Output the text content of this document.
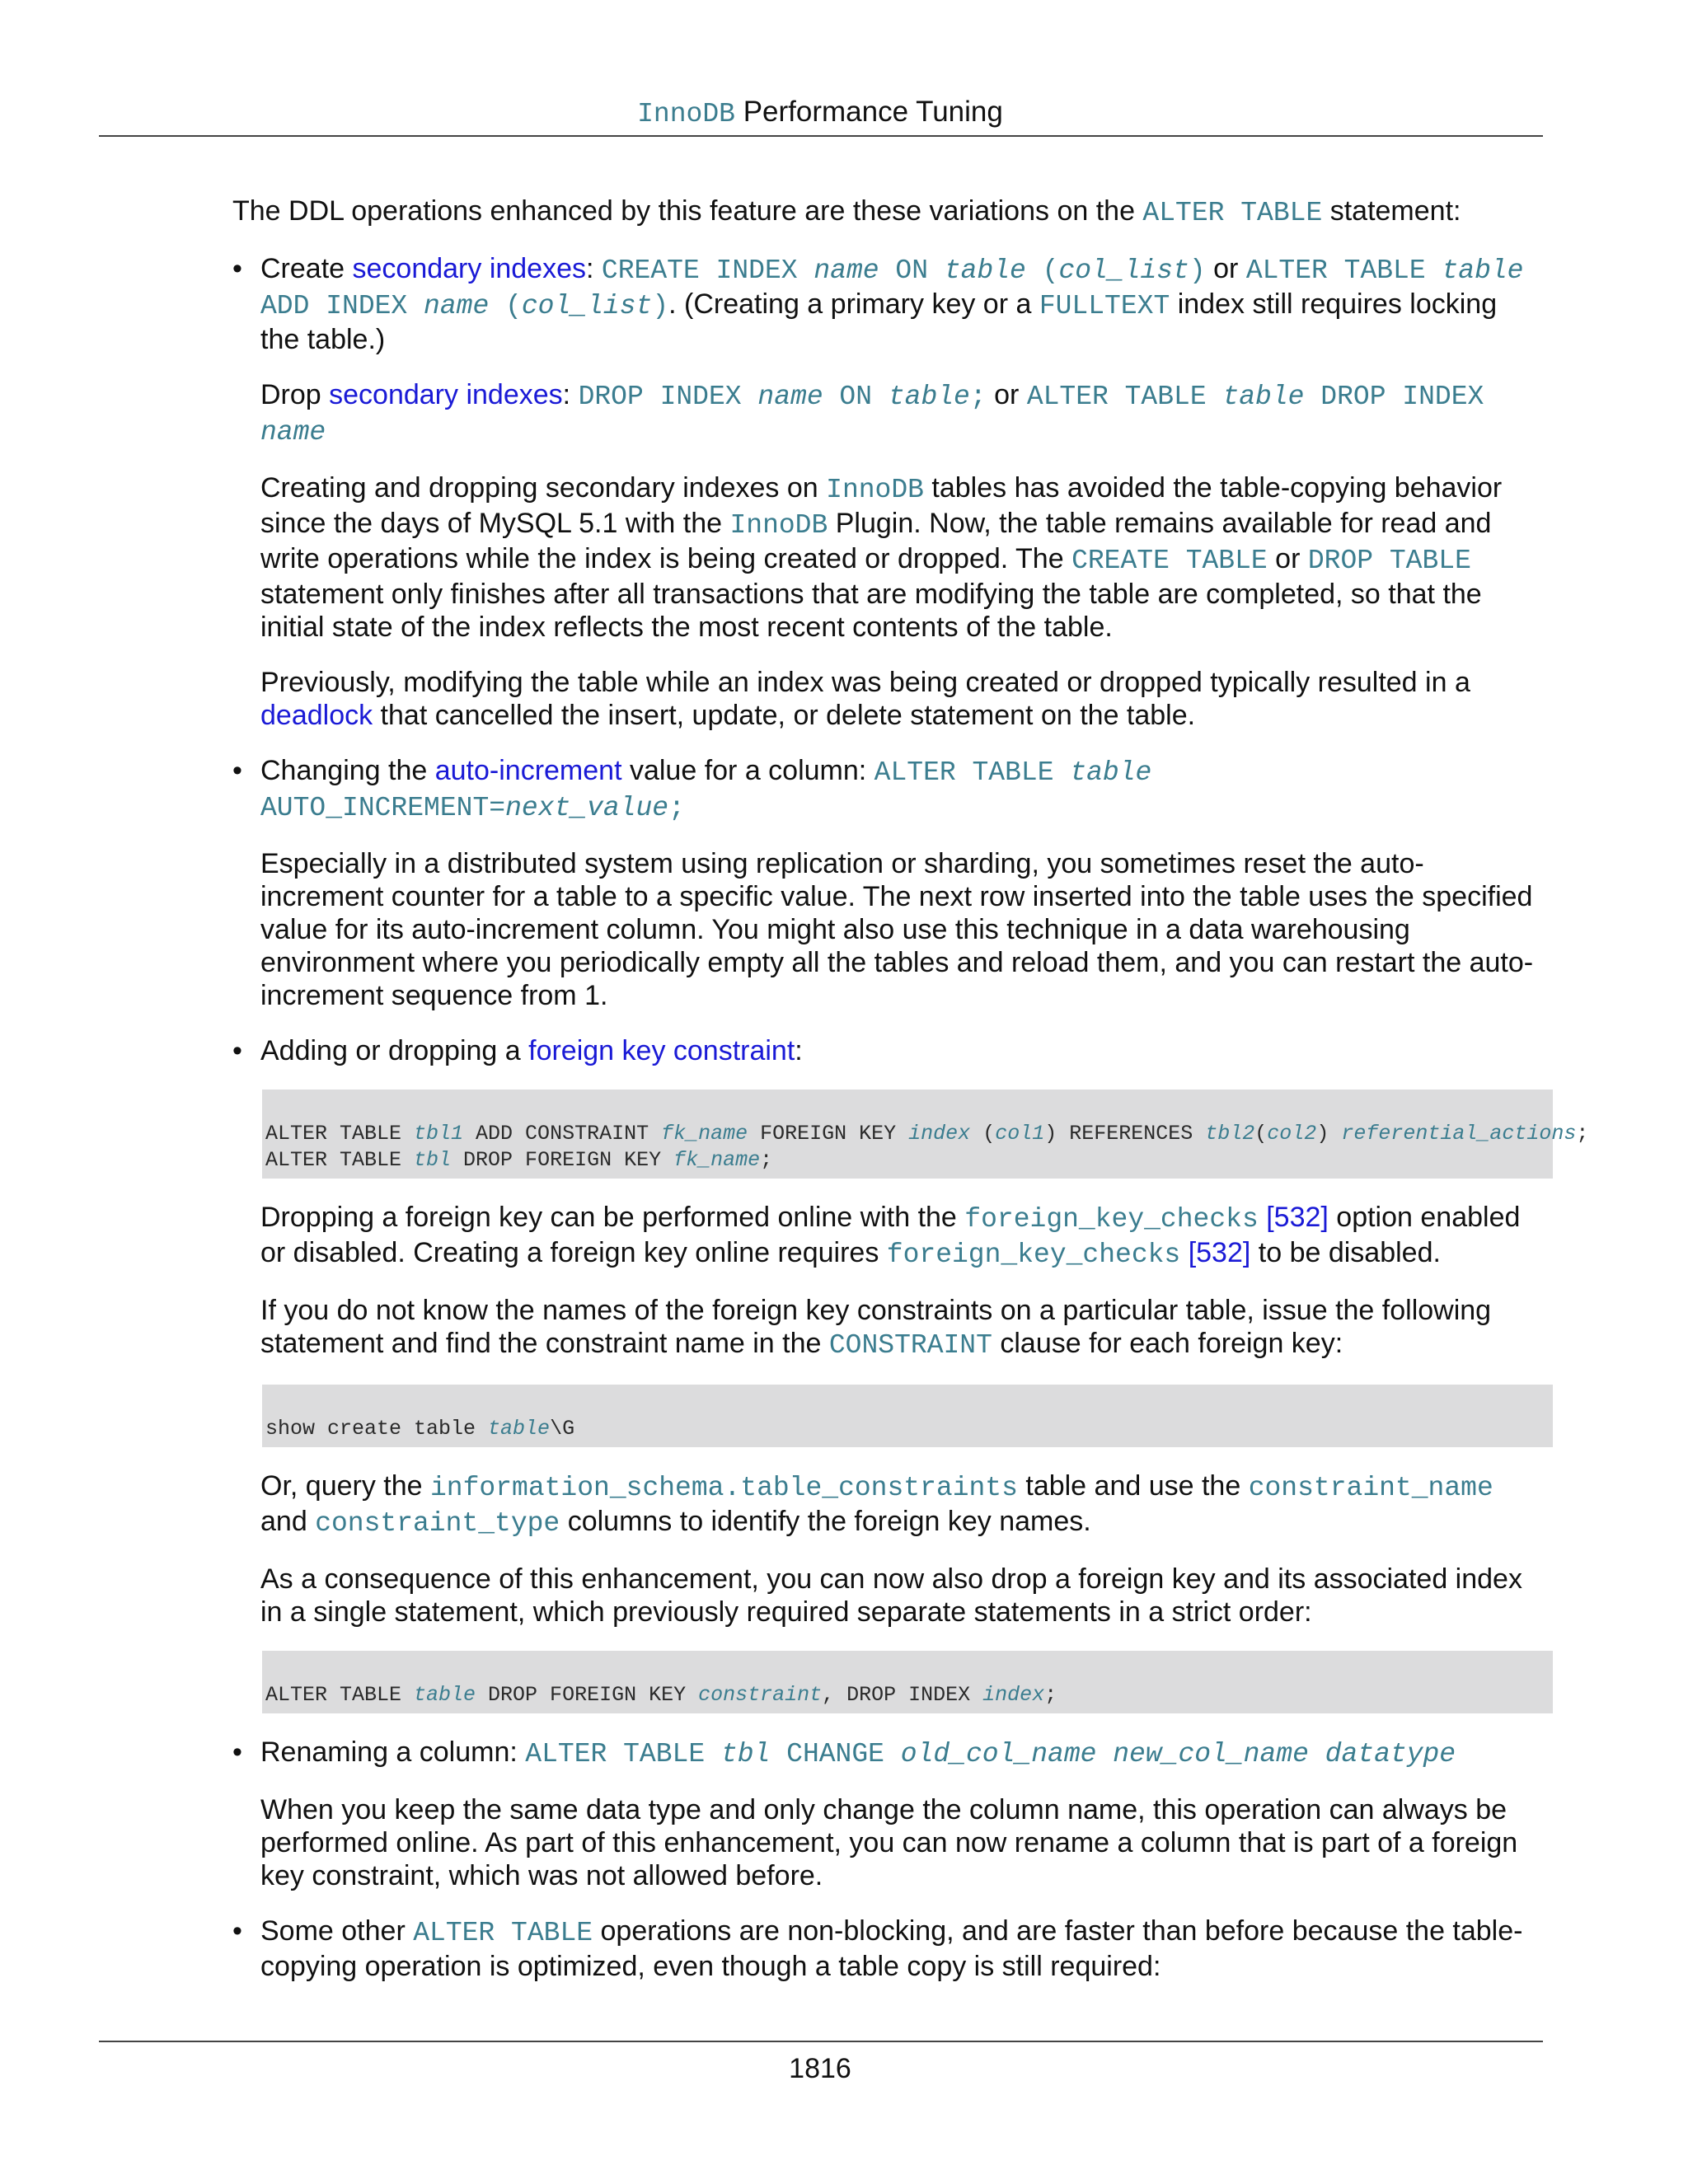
InnoDB Performance Tuning

The DDL operations enhanced by this feature are these variations on the ALTER TABLE statement:

• Create secondary indexes: CREATE INDEX name ON table (col_list) or ALTER TABLE table ADD INDEX name (col_list). (Creating a primary key or a FULLTEXT index still requires locking the table.)

Drop secondary indexes: DROP INDEX name ON table; or ALTER TABLE table DROP INDEX name

Creating and dropping secondary indexes on InnoDB tables has avoided the table-copying behavior since the days of MySQL 5.1 with the InnoDB Plugin. Now, the table remains available for read and write operations while the index is being created or dropped. The CREATE TABLE or DROP TABLE statement only finishes after all transactions that are modifying the table are completed, so that the initial state of the index reflects the most recent contents of the table.

Previously, modifying the table while an index was being created or dropped typically resulted in a deadlock that cancelled the insert, update, or delete statement on the table.

• Changing the auto-increment value for a column: ALTER TABLE table AUTO_INCREMENT=next_value;

Especially in a distributed system using replication or sharding, you sometimes reset the auto-increment counter for a table to a specific value. The next row inserted into the table uses the specified value for its auto-increment column. You might also use this technique in a data warehousing environment where you periodically empty all the tables and reload them, and you can restart the auto-increment sequence from 1.

• Adding or dropping a foreign key constraint:

ALTER TABLE tbl1 ADD CONSTRAINT fk_name FOREIGN KEY index (col1) REFERENCES tbl2(col2) referential_actions;
ALTER TABLE tbl DROP FOREIGN KEY fk_name;

Dropping a foreign key can be performed online with the foreign_key_checks [532] option enabled or disabled. Creating a foreign key online requires foreign_key_checks [532] to be disabled.

If you do not know the names of the foreign key constraints on a particular table, issue the following statement and find the constraint name in the CONSTRAINT clause for each foreign key:

show create table table\G

Or, query the information_schema.table_constraints table and use the constraint_name and constraint_type columns to identify the foreign key names.

As a consequence of this enhancement, you can now also drop a foreign key and its associated index in a single statement, which previously required separate statements in a strict order:

ALTER TABLE table DROP FOREIGN KEY constraint, DROP INDEX index;
• Renaming a column: ALTER TABLE tbl CHANGE old_col_name new_col_name datatype

When you keep the same data type and only change the column name, this operation can always be performed online. As part of this enhancement, you can now rename a column that is part of a foreign key constraint, which was not allowed before.

• Some other ALTER TABLE operations are non-blocking, and are faster than before because the table-copying operation is optimized, even though a table copy is still required:

1816
